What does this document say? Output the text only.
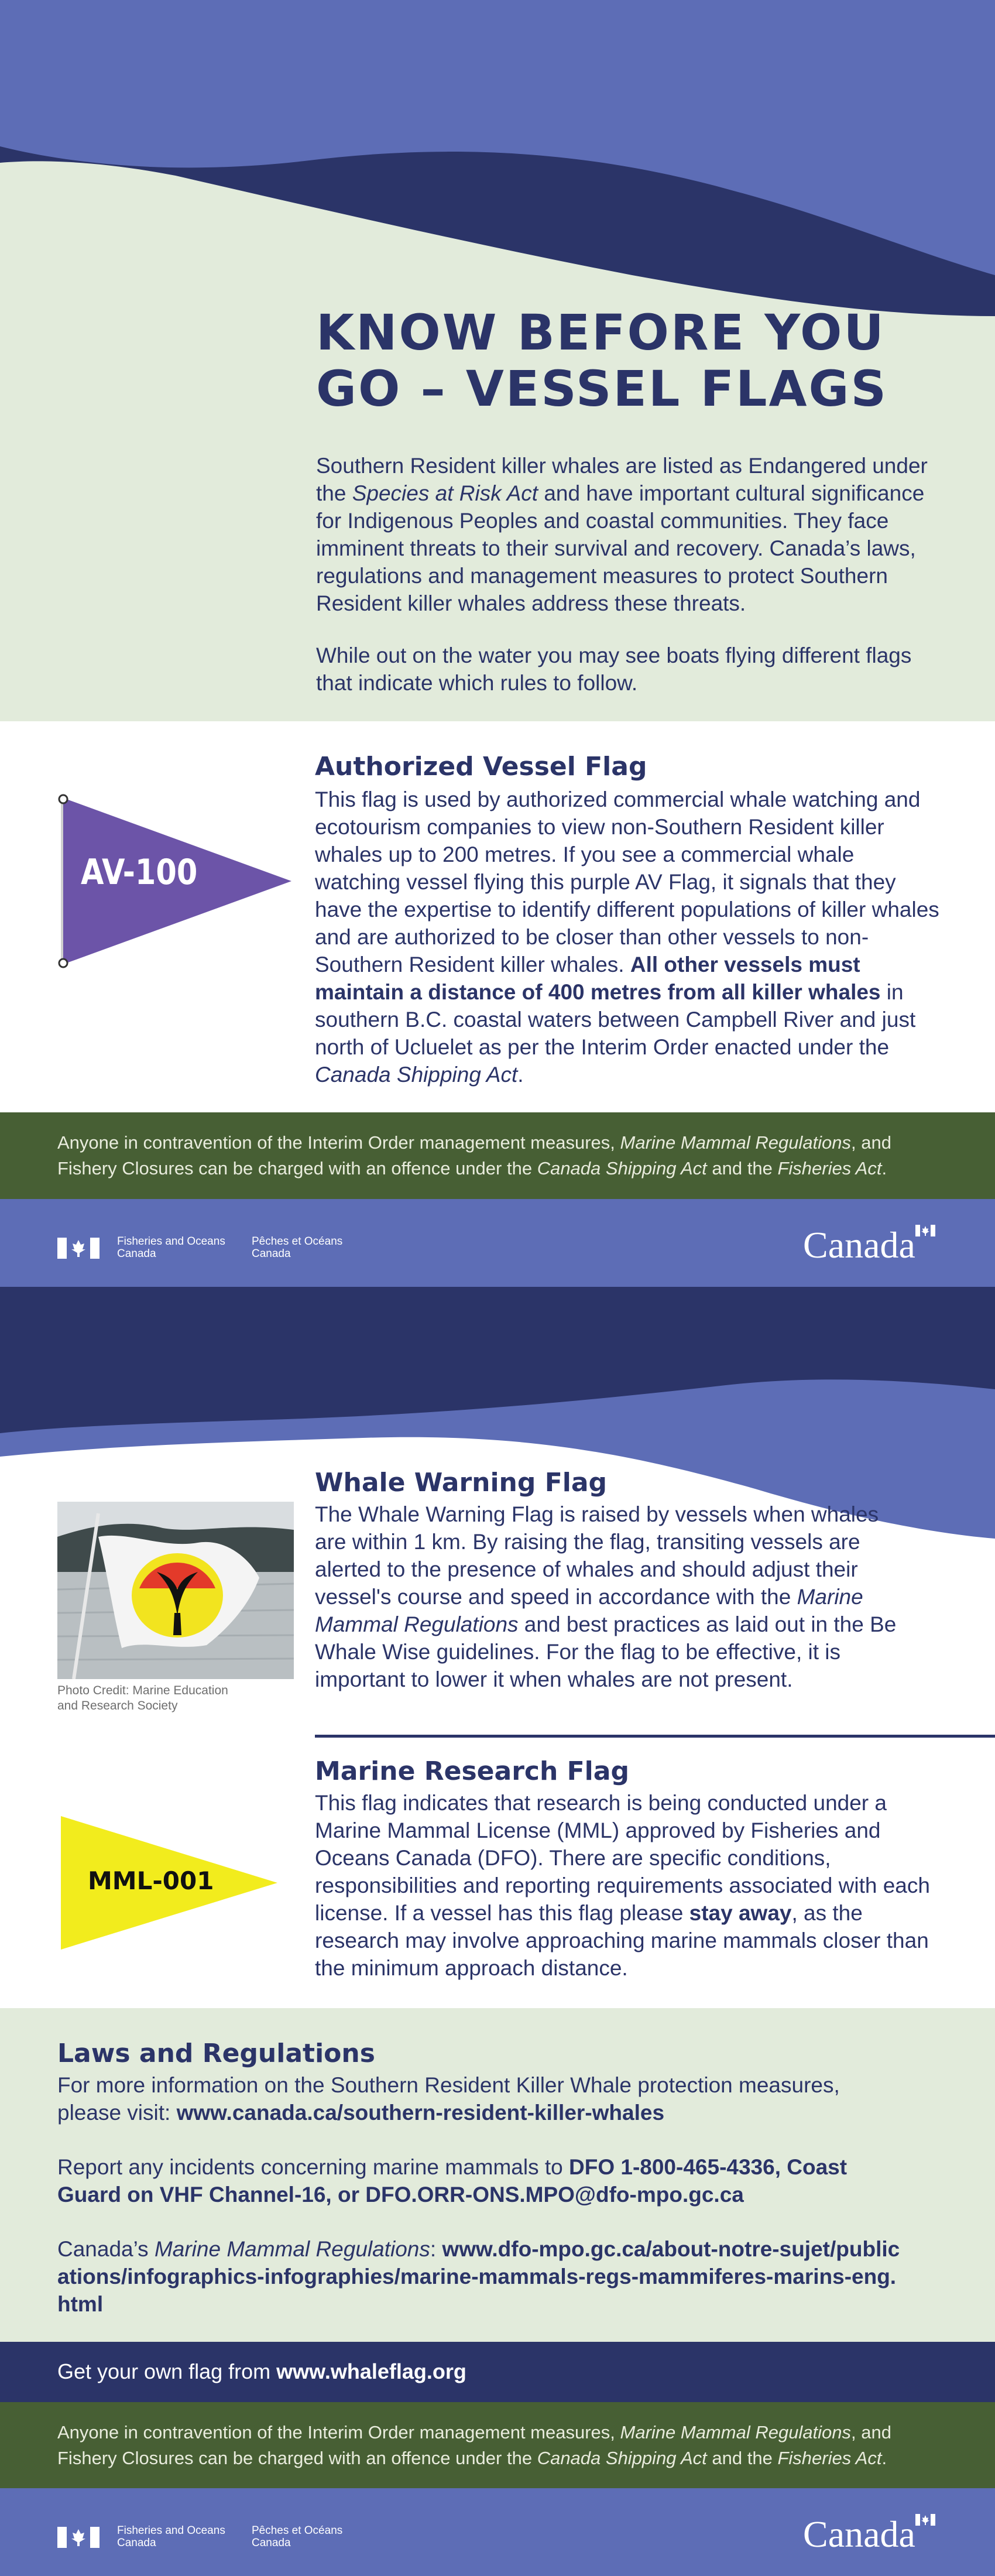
KNOW BEFORE YOU
GO – VESSEL FLAGS

Southern Resident killer whales are listed as Endangered under the Species at Risk Act and have important cultural significance for Indigenous Peoples and coastal communities. They face imminent threats to their survival and recovery. Canada’s laws, regulations and management measures to protect Southern Resident killer whales address these threats.

While out on the water you may see boats flying different flags that indicate which rules to follow.

AV-100
Authorized Vessel Flag

This flag is used by authorized commercial whale watching and ecotourism companies to view non-Southern Resident killer whales up to 200 metres. If you see a commercial whale watching vessel flying this purple AV Flag, it signals that they have the expertise to identify different populations of killer whales and are authorized to be closer than other vessels to non-Southern Resident killer whales. All other vessels must maintain a distance of 400 metres from all killer whales in southern B.C. coastal waters between Campbell River and just north of Ucluelet as per the Interim Order enacted under the Canada Shipping Act.

Anyone in contravention of the Interim Order management measures, Marine Mammal Regulations, and Fishery Closures can be charged with an offence under the Canada Shipping Act and the Fisheries Act.

Fisheries and Oceans
Canada
Pêches et Océans
Canada	Canada
Photo Credit: Marine Education
and Research Society
Whale Warning Flag

The Whale Warning Flag is raised by vessels when whales are within 1 km. By raising the flag, transiting vessels are alerted to the presence of whales and should adjust their vessel's course and speed in accordance with the Marine Mammal Regulations and best practices as laid out in the Be Whale Wise guidelines. For the flag to be effective, it is important to lower it when whales are not present.

MML-001
Marine Research Flag

This flag indicates that research is being conducted under a Marine Mammal License (MML) approved by Fisheries and Oceans Canada (DFO). There are specific conditions, responsibilities and reporting requirements associated with each license. If a vessel has this flag please stay away, as the research may involve approaching marine mammals closer than the minimum approach distance.

Laws and Regulations

For more information on the Southern Resident Killer Whale protection measures, please visit: www.canada.ca/southern-resident-killer-whales

Report any incidents concerning marine mammals to DFO 1-800-465-4336, Coast Guard on VHF Channel-16, or DFO.ORR-ONS.MPO@dfo-mpo.gc.ca

Canada’s Marine Mammal Regulations: www.dfo-mpo.gc.ca/about-notre-sujet/publications/infographics-infographies/marine-mammals-regs-mammiferes-marins-eng.html

Get your own flag from www.whaleflag.org

Anyone in contravention of the Interim Order management measures, Marine Mammal Regulations, and Fishery Closures can be charged with an offence under the Canada Shipping Act and the Fisheries Act.

Fisheries and Oceans
Canada
Pêches et Océans
Canada	Canada
